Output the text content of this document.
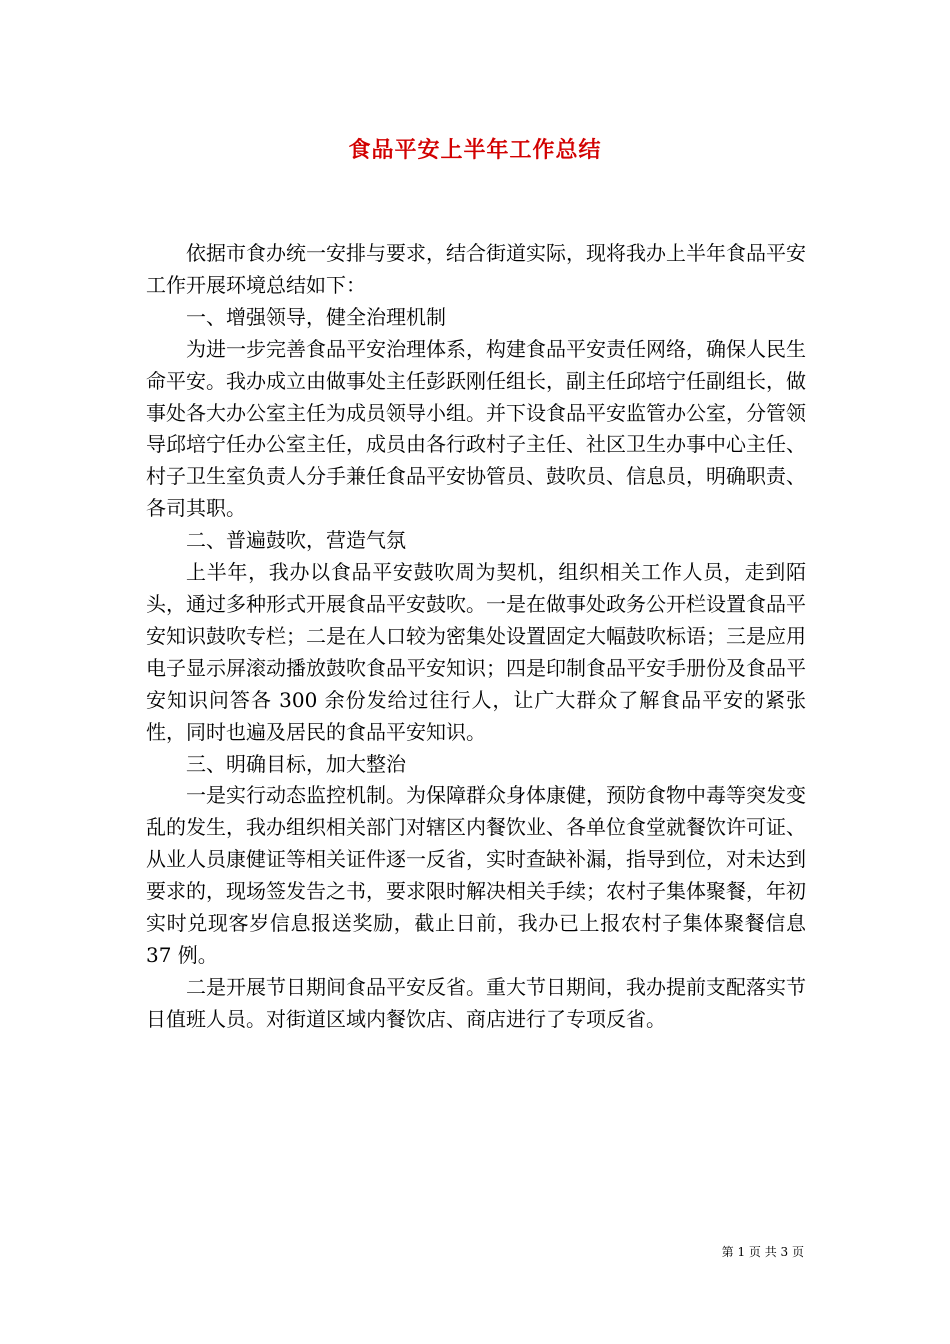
食品平安上半年工作总结

依据市食办统一安排与要求，结合街道实际，现将我办上半年食品平安工作开展环境总结如下：

一、增强领导，健全治理机制

为进一步完善食品平安治理体系，构建食品平安责任网络，确保人民生命平安。我办成立由做事处主任彭跃刚任组长，副主任邱培宁任副组长，做事处各大办公室主任为成员领导小组。并下设食品平安监管办公室，分管领导邱培宁任办公室主任，成员由各行政村子主任、社区卫生办事中心主任、村子卫生室负责人分手兼任食品平安协管员、鼓吹员、信息员，明确职责、各司其职。

二、普遍鼓吹，营造气氛

上半年，我办以食品平安鼓吹周为契机，组织相关工作人员，走到陌头，通过多种形式开展食品平安鼓吹。一是在做事处政务公开栏设置食品平安知识鼓吹专栏；二是在人口较为密集处设置固定大幅鼓吹标语；三是应用电子显示屏滚动播放鼓吹食品平安知识；四是印制食品平安手册份及食品平安知识问答各 300 余份发给过往行人，让广大群众了解食品平安的紧张性，同时也遍及居民的食品平安知识。

三、明确目标，加大整治

一是实行动态监控机制。为保障群众身体康健，预防食物中毒等突发变乱的发生，我办组织相关部门对辖区内餐饮业、各单位食堂就餐饮许可证、从业人员康健证等相关证件逐一反省，实时查缺补漏，指导到位，对未达到要求的，现场签发告之书，要求限时解决相关手续；农村子集体聚餐，年初实时兑现客岁信息报送奖励，截止日前，我办已上报农村子集体聚餐信息 37 例。

二是开展节日期间食品平安反省。重大节日期间，我办提前支配落实节日值班人员。对街道区域内餐饮店、商店进行了专项反省。

第 1 页 共 3 页
